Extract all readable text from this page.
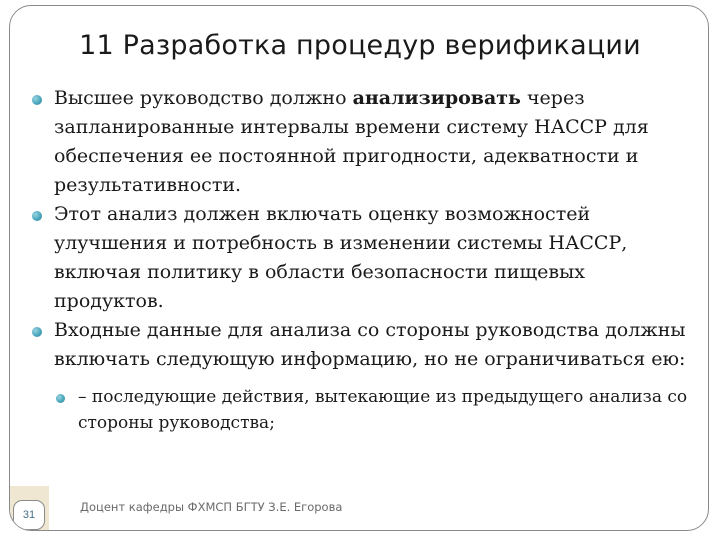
11 Разработка процедур верификации

Высшее руководство должно анализировать через запланированные интервалы времени систему НАССР для обеспечения ее постоянной пригодности, адекватности и результативности.

Этот анализ должен включать оценку возможностей улучшения и потребность в изменении системы НАССР, включая политику в области безопасности пищевых продуктов.

Входные данные для анализа со стороны руководства должны включать следующую информацию, но не ограничиваться ею:

– последующие действия, вытекающие из предыдущего анализа со стороны руководства;

31
Доцент кафедры ФХМСП БГТУ З.Е. Егорова
